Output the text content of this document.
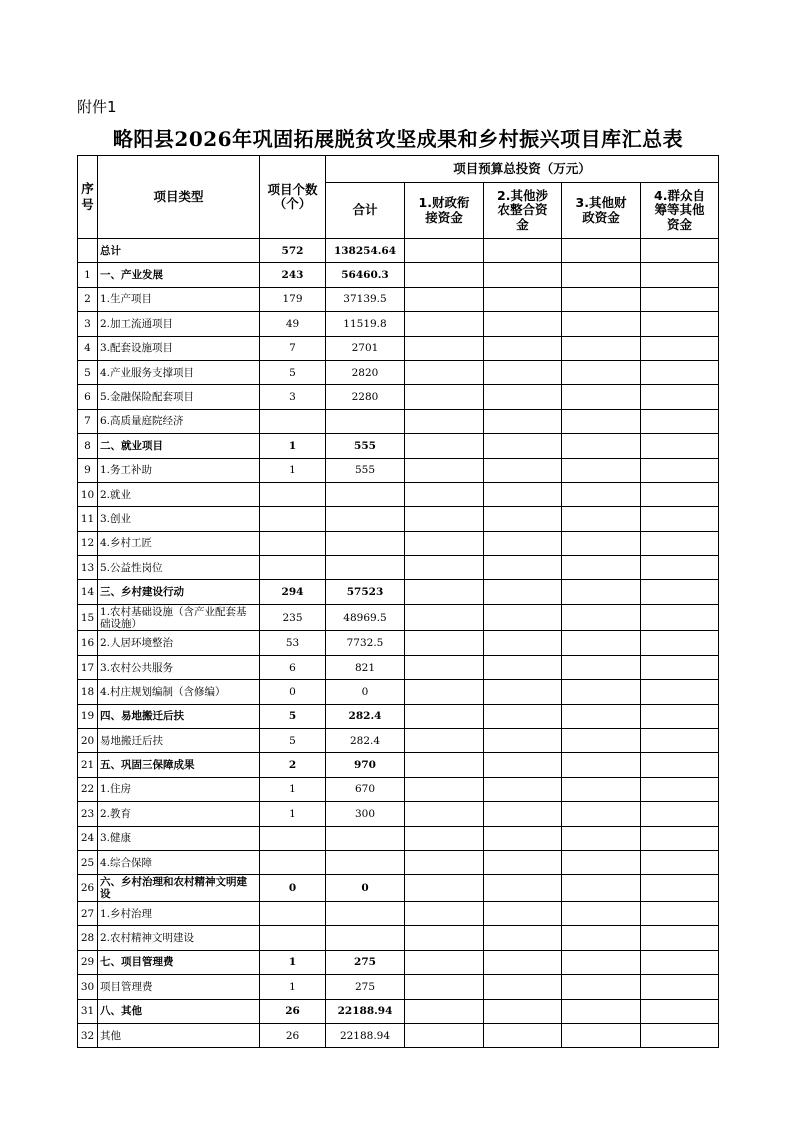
附件1
略阳县2026年巩固拓展脱贫攻坚成果和乡村振兴项目库汇总表
序号	项目类型	项目个数（个）	项目预算总投资（万元）				
			合计	1.财政衔接资金	2.其他涉农整合资金	3.其他财政资金	4.群众自筹等其他资金
	总计	572	138254.64				
1	一、产业发展	243	56460.3				
2	1.生产项目	179	37139.5				
3	2.加工流通项目	49	11519.8				
4	3.配套设施项目	7	2701				
5	4.产业服务支撑项目	5	2820				
6	5.金融保险配套项目	3	2280				
7	6.高质量庭院经济						
8	二、就业项目	1	555				
9	1.务工补助	1	555				
10	2.就业						
11	3.创业						
12	4.乡村工匠						
13	5.公益性岗位						
14	三、乡村建设行动	294	57523				
15	1.农村基础设施（含产业配套基础设施）	235	48969.5				
16	2.人居环境整治	53	7732.5				
17	3.农村公共服务	6	821				
18	4.村庄规划编制（含修编）	0	0				
19	四、易地搬迁后扶	5	282.4				
20	易地搬迁后扶	5	282.4				
21	五、巩固三保障成果	2	970				
22	1.住房	1	670				
23	2.教育	1	300				
24	3.健康						
25	4.综合保障						
26	六、乡村治理和农村精神文明建设	0	0				
27	1.乡村治理						
28	2.农村精神文明建设						
29	七、项目管理费	1	275				
30	项目管理费	1	275				
31	八、其他	26	22188.94				
32	其他	26	22188.94				
